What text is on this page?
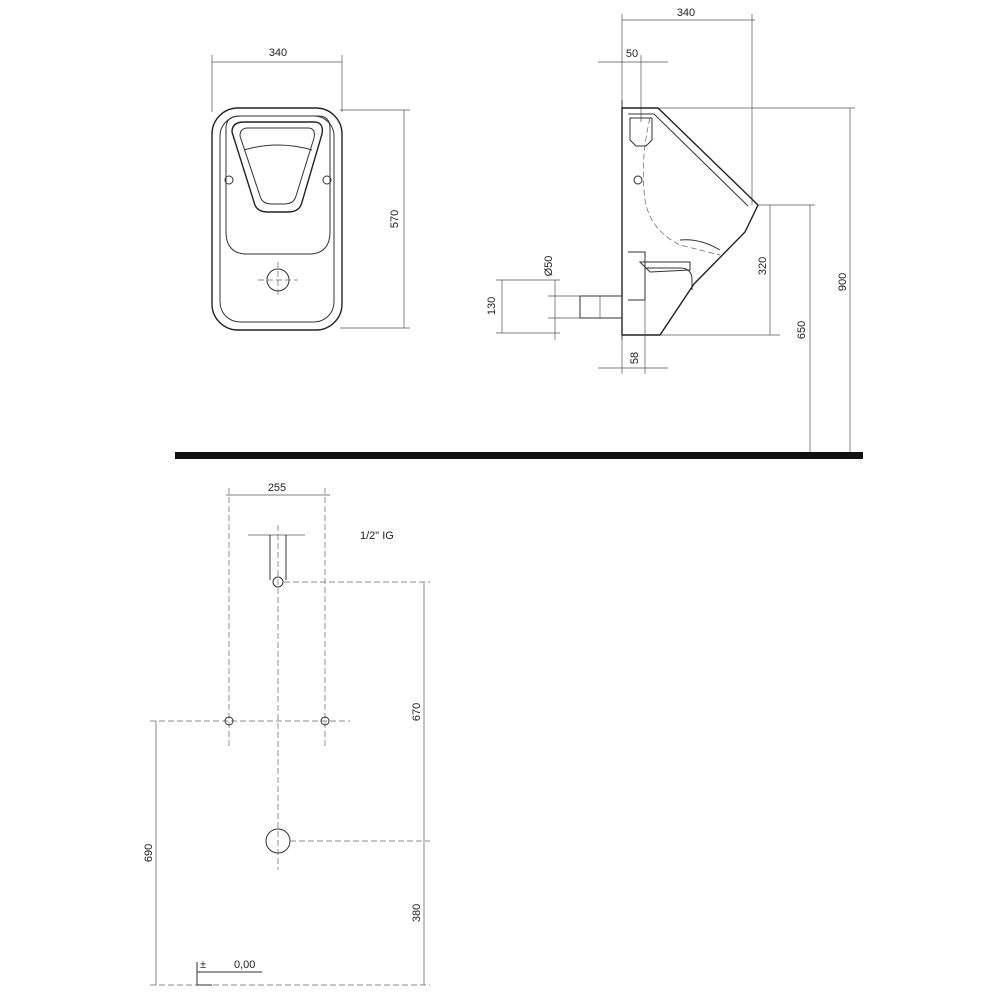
340
570
340
50
Ø50
130
58
320
650
900
255
1/2" IG
670
380
690
±	0,00
